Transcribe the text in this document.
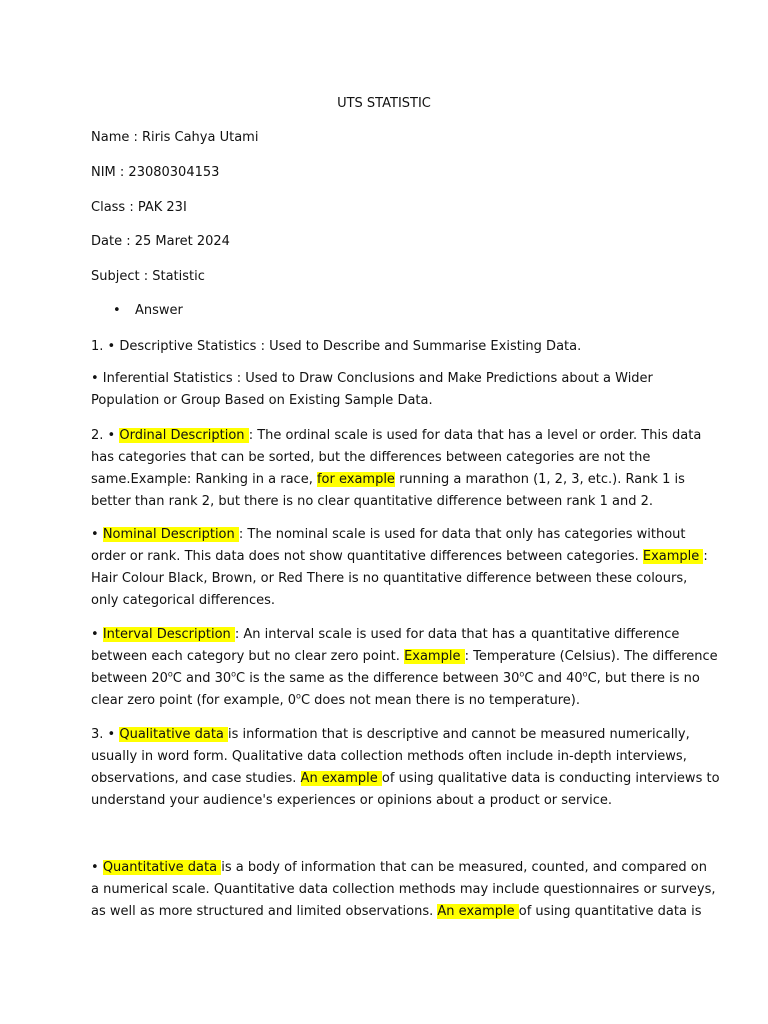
UTS STATISTIC
Name : Riris Cahya Utami
NIM : 23080304153
Class : PAK 23I
Date : 25 Maret 2024
Subject : Statistic
• Answer
1. • Descriptive Statistics : Used to Describe and Summarise Existing Data.
• Inferential Statistics : Used to Draw Conclusions and Make Predictions about a Wider
Population or Group Based on Existing Sample Data.
2. • Ordinal Description : The ordinal scale is used for data that has a level or order. This data
has categories that can be sorted, but the differences between categories are not the
same.Example: Ranking in a race, for example running a marathon (1, 2, 3, etc.). Rank 1 is
better than rank 2, but there is no clear quantitative difference between rank 1 and 2.
• Nominal Description : The nominal scale is used for data that only has categories without
order or rank. This data does not show quantitative differences between categories. Example :
Hair Colour Black, Brown, or Red There is no quantitative difference between these colours,
only categorical differences.
• Interval Description : An interval scale is used for data that has a quantitative difference
between each category but no clear zero point. Example : Temperature (Celsius). The difference
between 20$^o$C and 30$^o$C is the same as the difference between 30$^o$C and 40$^o$C, but there is no
clear zero point (for example, 0$^o$C does not mean there is no temperature).
3. • Qualitative data is information that is descriptive and cannot be measured numerically,
usually in word form. Qualitative data collection methods often include in-depth interviews,
observations, and case studies. An example of using qualitative data is conducting interviews to
understand your audience's experiences or opinions about a product or service.
• Quantitative data is a body of information that can be measured, counted, and compared on
a numerical scale. Quantitative data collection methods may include questionnaires or surveys,
as well as more structured and limited observations. An example of using quantitative data is
